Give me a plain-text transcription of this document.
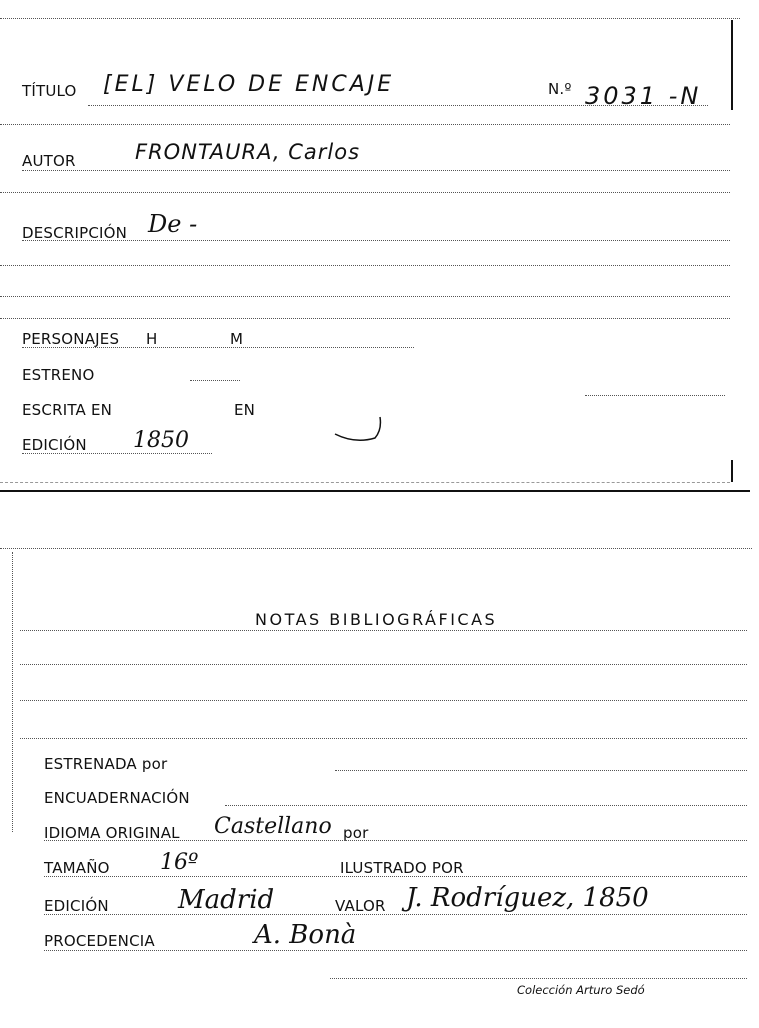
TÍTULO [EL] VELO DE ENCAJE	N.º 3031 -N
AUTOR	FRONTAURA, Carlos
DESCRIPCIÓN De -
PERSONAJES H	M
ESTRENO
ESCRITA EN	EN
EDICIÓN 1850
NOTAS BIBLIOGRÁFICAS
ESTRENADA por
ENCUADERNACIÓN
IDIOMA ORIGINAL Castellano por
TAMAÑO 16º	ILUSTRADO POR
EDICIÓN	Madrid	VALOR J. Rodríguez, 1850
PROCEDENCIA	A. Bonà
Colección Arturo Sedó
